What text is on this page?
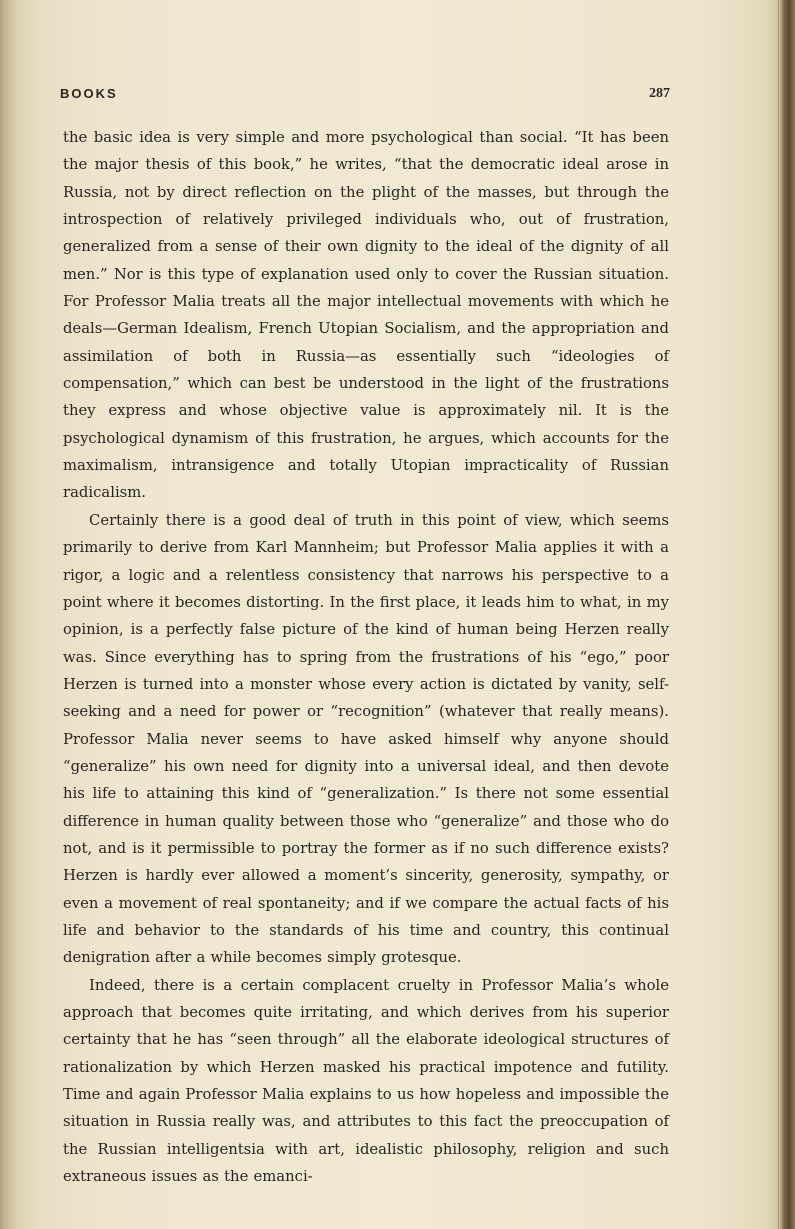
BOOKS	287

the basic idea is very simple and more psychological than social. “It has been the major thesis of this book,” he writes, “that the democratic ideal arose in Russia, not by direct reflection on the plight of the masses, but through the introspection of relatively privileged individuals who, out of frustration, generalized from a sense of their own dignity to the ideal of the dignity of all men.” Nor is this type of explanation used only to cover the Russian situation. For Professor Malia treats all the major intellectual movements with which he deals—German Idealism, French Utopian Socialism, and the appropriation and assimilation of both in Russia—as essentially such “ideologies of compensation,” which can best be understood in the light of the frustrations they express and whose objective value is approximately nil. It is the psychological dynamism of this frustration, he argues, which accounts for the maximalism, intransigence and totally Utopian impracticality of Russian radicalism.

Certainly there is a good deal of truth in this point of view, which seems primarily to derive from Karl Mannheim; but Professor Malia applies it with a rigor, a logic and a relentless consistency that narrows his perspective to a point where it becomes distorting. In the first place, it leads him to what, in my opinion, is a perfectly false picture of the kind of human being Herzen really was. Since everything has to spring from the frustrations of his “ego,” poor Herzen is turned into a monster whose every action is dictated by vanity, self-seeking and a need for power or “recognition” (whatever that really means). Professor Malia never seems to have asked himself why anyone should “generalize” his own need for dignity into a universal ideal, and then devote his life to attaining this kind of “generalization.” Is there not some essential difference in human quality between those who “generalize” and those who do not, and is it permissible to portray the former as if no such difference exists? Herzen is hardly ever allowed a moment’s sincerity, generosity, sympathy, or even a movement of real spontaneity; and if we compare the actual facts of his life and behavior to the standards of his time and country, this continual denigration after a while becomes simply grotesque.

Indeed, there is a certain complacent cruelty in Professor Malia’s whole approach that becomes quite irritating, and which derives from his superior certainty that he has “seen through” all the elaborate ideological structures of rationalization by which Herzen masked his practical impotence and futility. Time and again Professor Malia explains to us how hopeless and impossible the situation in Russia really was, and attributes to this fact the preoccupation of the Russian intelligentsia with art, idealistic philosophy, religion and such extraneous issues as the emanci-
